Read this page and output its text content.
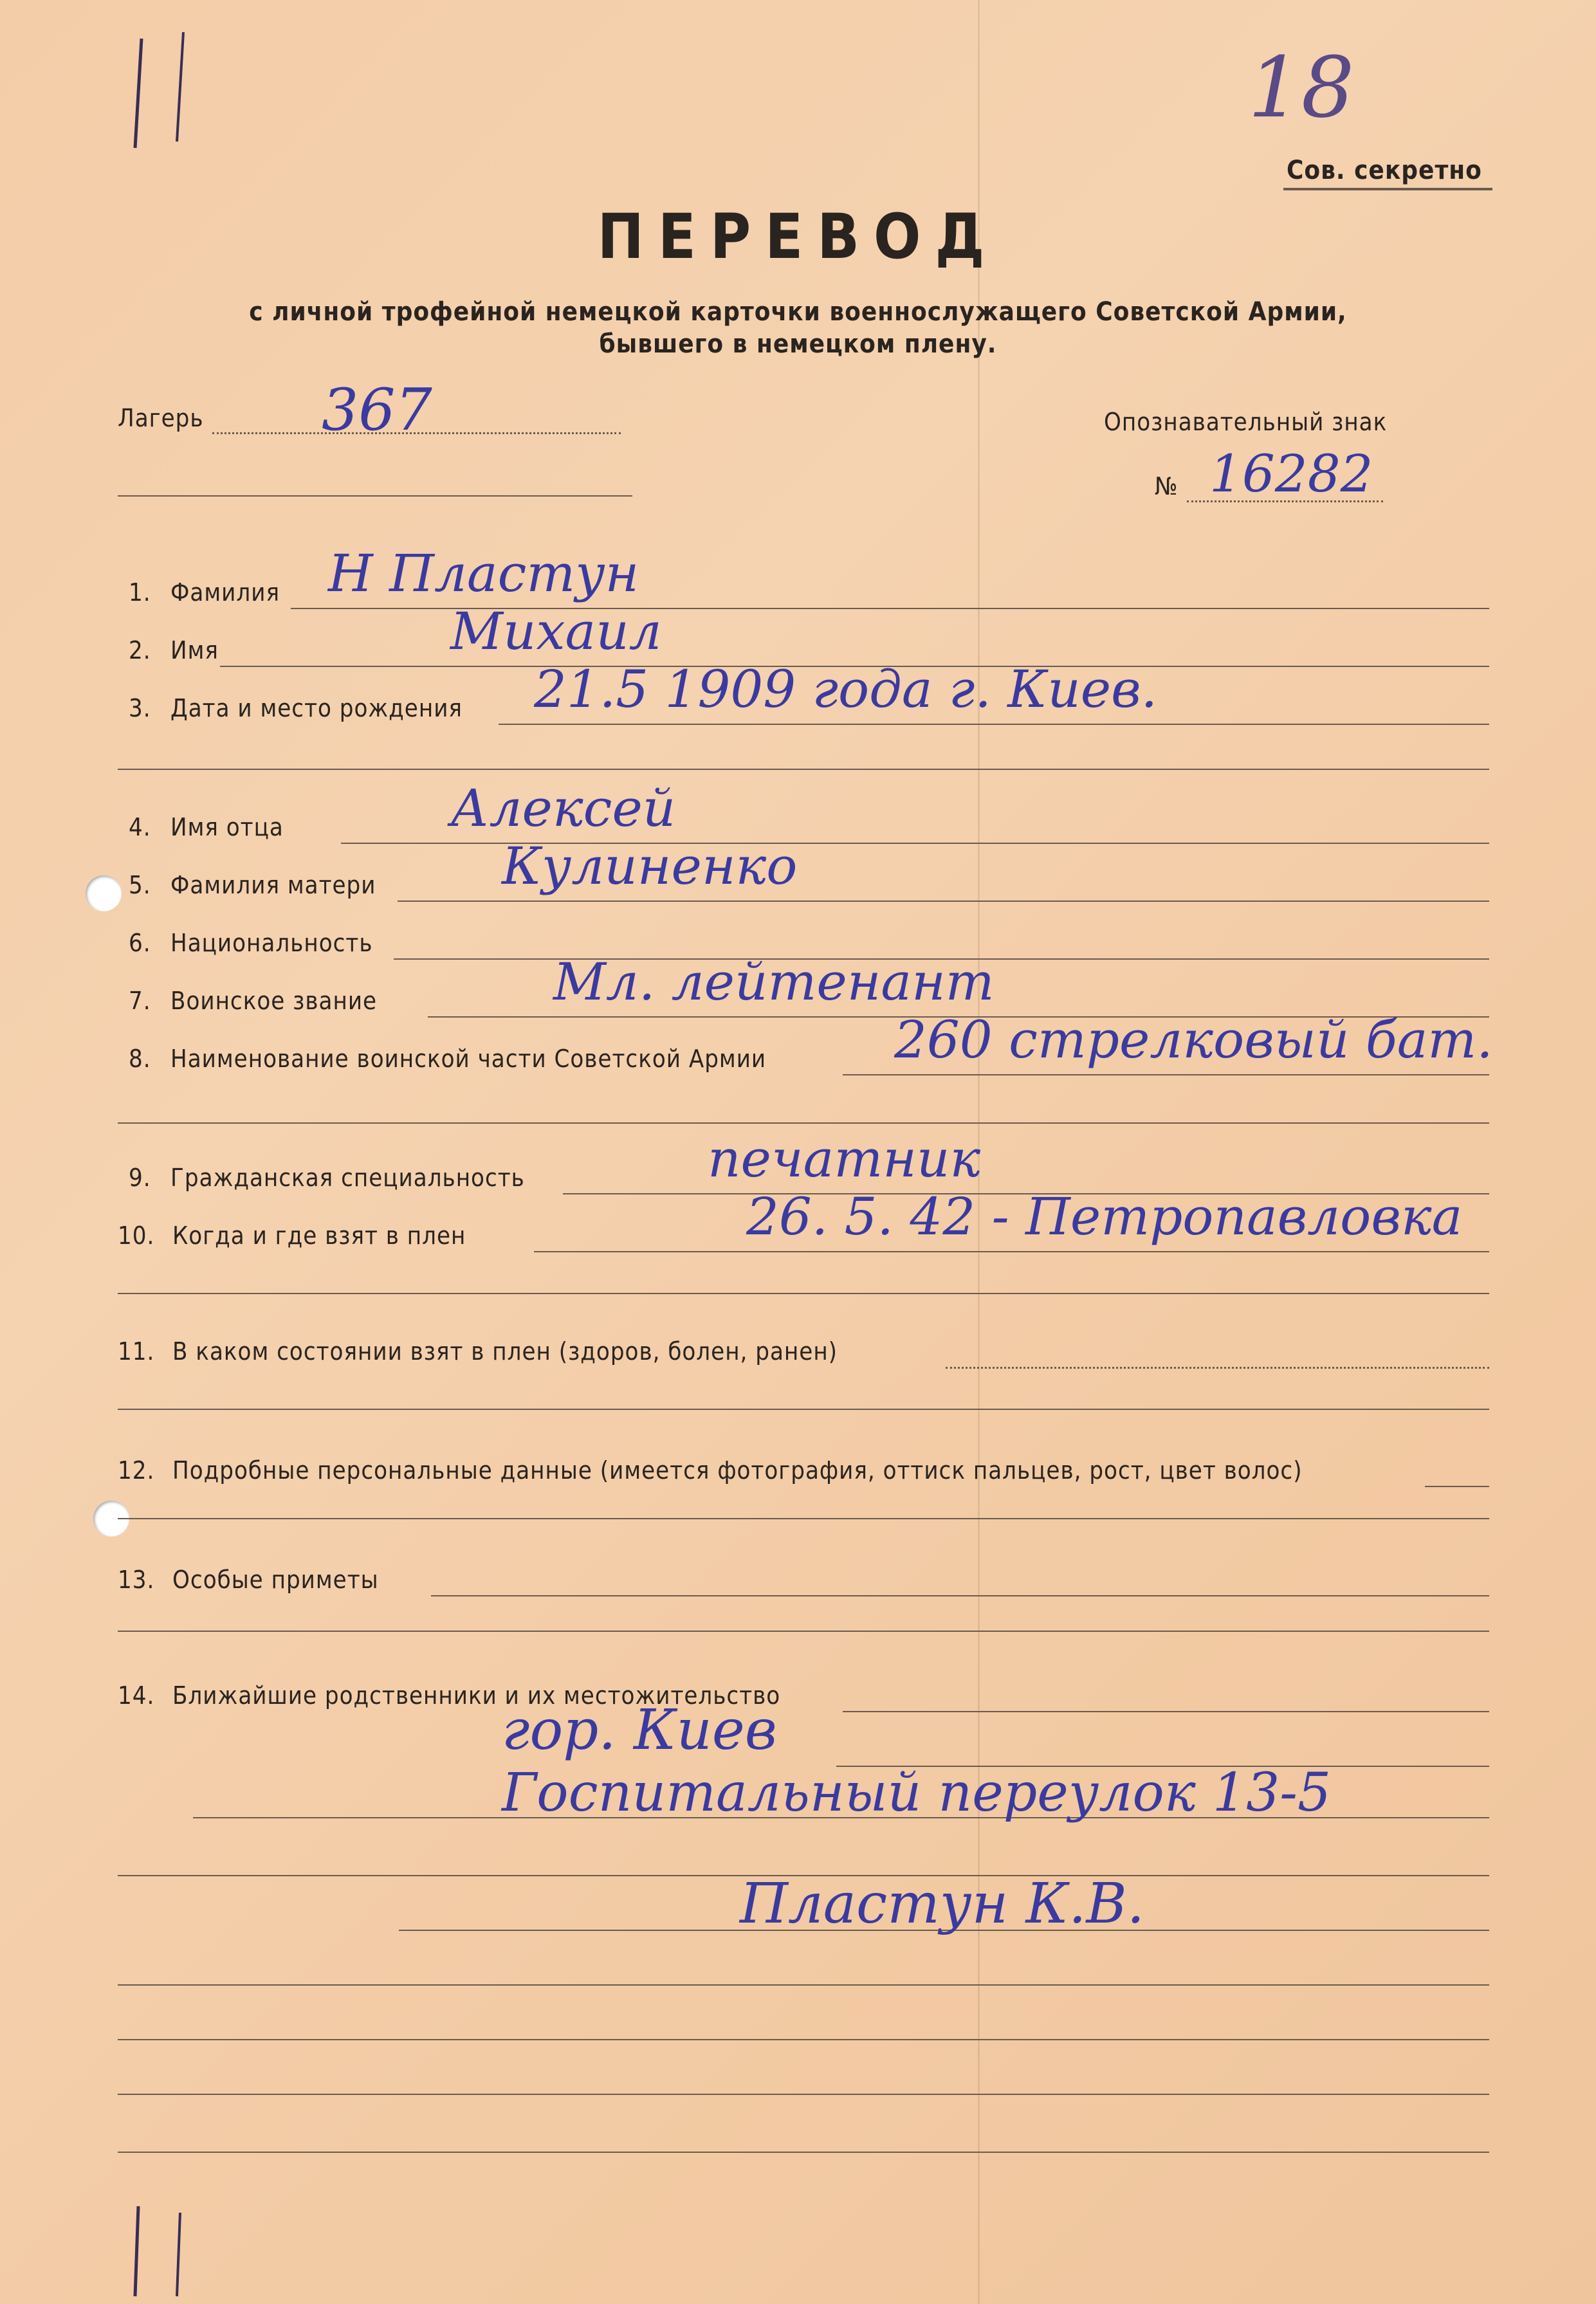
18
Сов. секретно
ПЕРЕВОД
с личной трофейной немецкой карточки военнослужащего Советской Армии,
бывшего в немецком плену.
Лагерь 367	Опознавательный знак
№ 16282
1. Фамилия Н Пластун
2. Имя	Михаил
3. Дата и место рождения 21.5 1909 года г. Киев.
4. Имя отца	Алексей
5. Фамилия матери Кулиненко
6. Национальность
7. Воинское звание	Мл. лейтенант
8. Наименование воинской части Советской Армии 260 стрелковый бат.
9. Гражданская специальность	печатник
10. Когда и где взят в плен	26. 5. 42 - Петропавловка
11. В каком состоянии взят в плен (здоров, болен, ранен)
12. Подробные персональные данные (имеется фотография, оттиск пальцев, рост, цвет волос)
13. Особые приметы
14. Ближайшие родственники и их местожительство
гор. Киев
Госпитальный переулок 13-5
Пластун К.В.
